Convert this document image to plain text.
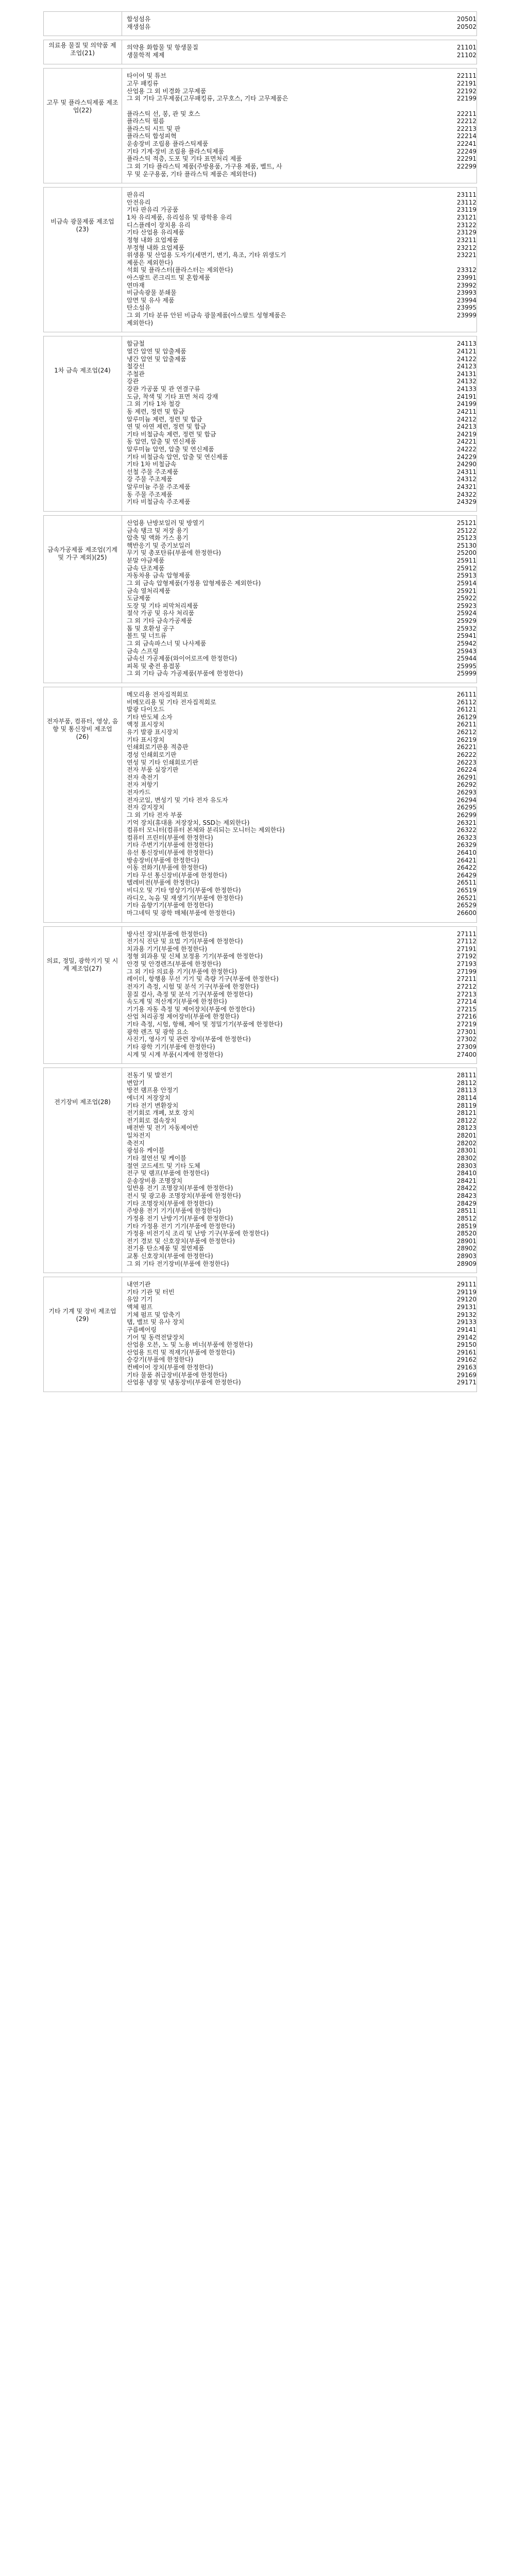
합성섬유	20501
재생섬유	20502
의료용 물질 및 의약품 제조업(21)
의약용 화합물 및 항생물질	21101
생물학적 제제	21102
고무 및 플라스틱제품 제조업(22)
타이어 및 튜브	22111
고무 패킹류	22191
산업용 그 외 비경화 고무제품	22192
그 외 기타 고무제품(고무패킹류, 고무호스, 기타 고무제품은	22199
플라스틱 선, 봉, 관 및 호스	22211
플라스틱 필름	22212
플라스틱 시트 및 판	22213
플라스틱 합성피혁	22214
운송장비 조립용 플라스틱제품	22241
기타 기계·장비 조립용 플라스틱제품	22249
플라스틱 적층, 도포 및 기타 표면처리 제품	22291
그 외 기타 플라스틱 제품(주방용품, 가구용 제품, 벨트, 사	22299
무 및 운구용품, 기타 플라스틱 제품은 제외한다)
비금속 광물제품 제조업(23)
판유리	23111
안전유리	23112
기타 판유리 가공품	23119
1차 유리제품, 유리섬유 및 광학용 유리	23121
디스플레이 장치용 유리	23122
기타 산업용 유리제품	23129
정형 내화 요업제품	23211
부정형 내화 요업제품	23212
위생용 및 산업용 도자기(세면기, 변기, 욕조, 기타 위생도기	23221
제품은 제외한다)
석회 및 플라스터(플라스터는 제외한다)	23312
아스팔트 콘크리트 및 혼합제품	23991
연마재	23992
비금속광물 분쇄물	23993
암면 및 유사 제품	23994
탄소섬유	23995
그 외 기타 분류 안된 비금속 광물제품(아스팔트 성형제품은	23999
제외한다)
1차 금속 제조업(24)
합금철	24113
열간 압연 및 압출제품	24121
냉간 압연 및 압출제품	24122
철강선	24123
주철관	24131
강관	24132
강관 가공품 및 관 연결구류	24133
도금, 착색 및 기타 표면 처리 강재	24191
그 외 기타 1차 철강	24199
동 제련, 정련 및 합금	24211
알루미늄 제련, 정련 및 합금	24212
연 및 아연 제련, 정련 및 합금	24213
기타 비철금속 제련, 정련 및 합금	24219
동 압연, 압출 및 연신제품	24221
알루미늄 압연, 압출 및 연신제품	24222
기타 비철금속 압연, 압출 및 연신제품	24229
기타 1차 비철금속	24290
선철 주물 주조제품	24311
강 주물 주조제품	24312
알루미늄 주물 주조제품	24321
동 주물 주조제품	24322
기타 비철금속 주조제품	24329
금속가공제품 제조업(기계 및 가구 제외)(25)
산업용 난방보일러 및 방열기	25121
금속 탱크 및 저장 용기	25122
압축 및 액화 가스 용기	25123
핵반응기 및 증기보일러	25130
무기 및 총포탄류(부품에 한정한다)	25200
분말 야금제품	25911
금속 단조제품	25912
자동차용 금속 압형제품	25913
그 외 금속 압형제품(가정용 압형제품은 제외한다)	25914
금속 열처리제품	25921
도금제품	25922
도장 및 기타 피막처리제품	25923
절삭 가공 및 유사 처리품	25924
그 외 기타 금속가공제품	25929
톱 및 호환성 공구	25932
볼트 및 너트류	25941
그 외 금속파스너 및 나사제품	25942
금속 스프링	25943
금속선 가공제품(와이어로프에 한정한다)	25944
피복 및 충전 용접봉	25995
그 외 기타 금속 가공제품(부품에 한정한다)	25999
전자부품, 컴퓨터, 영상, 음향 및 통신장비 제조업(26)
메모리용 전자집적회로	26111
비메모리용 및 기타 전자집적회로	26112
발광 다이오드	26121
기타 반도체 소자	26129
액정 표시장치	26211
유기 발광 표시장치	26212
기타 표시장치	26219
인쇄회로기판용 적층판	26221
경성 인쇄회로기판	26222
연성 및 기타 인쇄회로기판	26223
전자 부품 실장기판	26224
전자 축전기	26291
전자 저항기	26292
전자카드	26293
전자코일, 변성기 및 기타 전자 유도자	26294
전자 감지장치	26295
그 외 기타 전자 부품	26299
기억 장치(휴대용 저장장치, SSD는 제외한다)	26321
컴퓨터 모니터(컴퓨터 본체와 분리되는 모니터는 제외한다)	26322
컴퓨터 프린터(부품에 한정한다)	26323
기타 주변기기(부품에 한정한다)	26329
유선 통신장비(부품에 한정한다)	26410
방송장비(부품에 한정한다)	26421
이동 전화기(부품에 한정한다)	26422
기타 무선 통신장비(부품에 한정한다)	26429
텔레비전(부품에 한정한다)	26511
비디오 및 기타 영상기기(부품에 한정한다)	26519
라디오, 녹음 및 재생기기(부품에 한정한다)	26521
기타 음향기기(부품에 한정한다)	26529
마그네틱 및 광학 매체(부품에 한정한다)	26600
의료, 정밀, 광학기기 및 시계 제조업(27)
방사선 장치(부품에 한정한다)	27111
전기식 진단 및 요법 기기(부품에 한정한다)	27112
치과용 기기(부품에 한정한다)	27191
정형 외과용 및 신체 보정용 기기(부품에 한정한다)	27192
안경 및 안경렌즈(부품에 한정한다)	27193
그 외 기타 의료용 기기(부품에 한정한다)	27199
레이더, 항행용 무선 기기 및 측량 기구(부품에 한정한다)	27211
전자기 측정, 시험 및 분석 기구(부품에 한정한다)	27212
물질 검사, 측정 및 분석 기구(부품에 한정한다)	27213
속도계 및 적산계기(부품에 한정한다)	27214
기기용 자동 측정 및 제어장치(부품에 한정한다)	27215
산업 처리공정 제어장비(부품에 한정한다)	27216
기타 측정, 시험, 항해, 제어 및 정밀기기(부품에 한정한다)	27219
광학 렌즈 및 광학 요소	27301
사진기, 영사기 및 관련 장비(부품에 한정한다)	27302
기타 광학 기기(부품에 한정한다)	27309
시계 및 시계 부품(시계에 한정한다)	27400
전기장비 제조업(28)
전동기 및 발전기	28111
변압기	28112
방전 램프용 안정기	28113
에너지 저장장치	28114
기타 전기 변환장치	28119
전기회로 개폐, 보호 장치	28121
전기회로 접속장치	28122
배전반 및 전기 자동제어반	28123
일차전지	28201
축전지	28202
광섬유 케이블	28301
기타 절연선 및 케이블	28302
절연 코드세트 및 기타 도체	28303
전구 및 램프(부품에 한정한다)	28410
운송장비용 조명장치	28421
일반용 전기 조명장치(부품에 한정한다)	28422
전시 및 광고용 조명장치(부품에 한정한다)	28423
기타 조명장치(부품에 한정한다)	28429
주방용 전기 기기(부품에 한정한다)	28511
가정용 전기 난방기기(부품에 한정한다)	28512
기타 가정용 전기 기기(부품에 한정한다)	28519
가정용 비전기식 조리 및 난방 기구(부품에 한정한다)	28520
전기 경보 및 신호장치(부품에 한정한다)	28901
전기용 탄소제품 및 절연제품	28902
교통 신호장치(부품에 한정한다)	28903
그 외 기타 전기장비(부품에 한정한다)	28909
기타 기계 및 장비 제조업(29)
내연기관	29111
기타 기관 및 터빈	29119
유압 기기	29120
액체 펌프	29131
기체 펌프 및 압축기	29132
탭, 밸브 및 유사 장치	29133
구름베어링	29141
기어 및 동력전달장치	29142
산업용 오븐, 노 및 노용 버너(부품에 한정한다)	29150
산업용 트럭 및 적재기(부품에 한정한다)	29161
승강기(부품에 한정한다)	29162
컨베이어 장치(부품에 한정한다)	29163
기타 물품 취급장비(부품에 한정한다)	29169
산업용 냉장 및 냉동장비(부품에 한정한다)	29171
